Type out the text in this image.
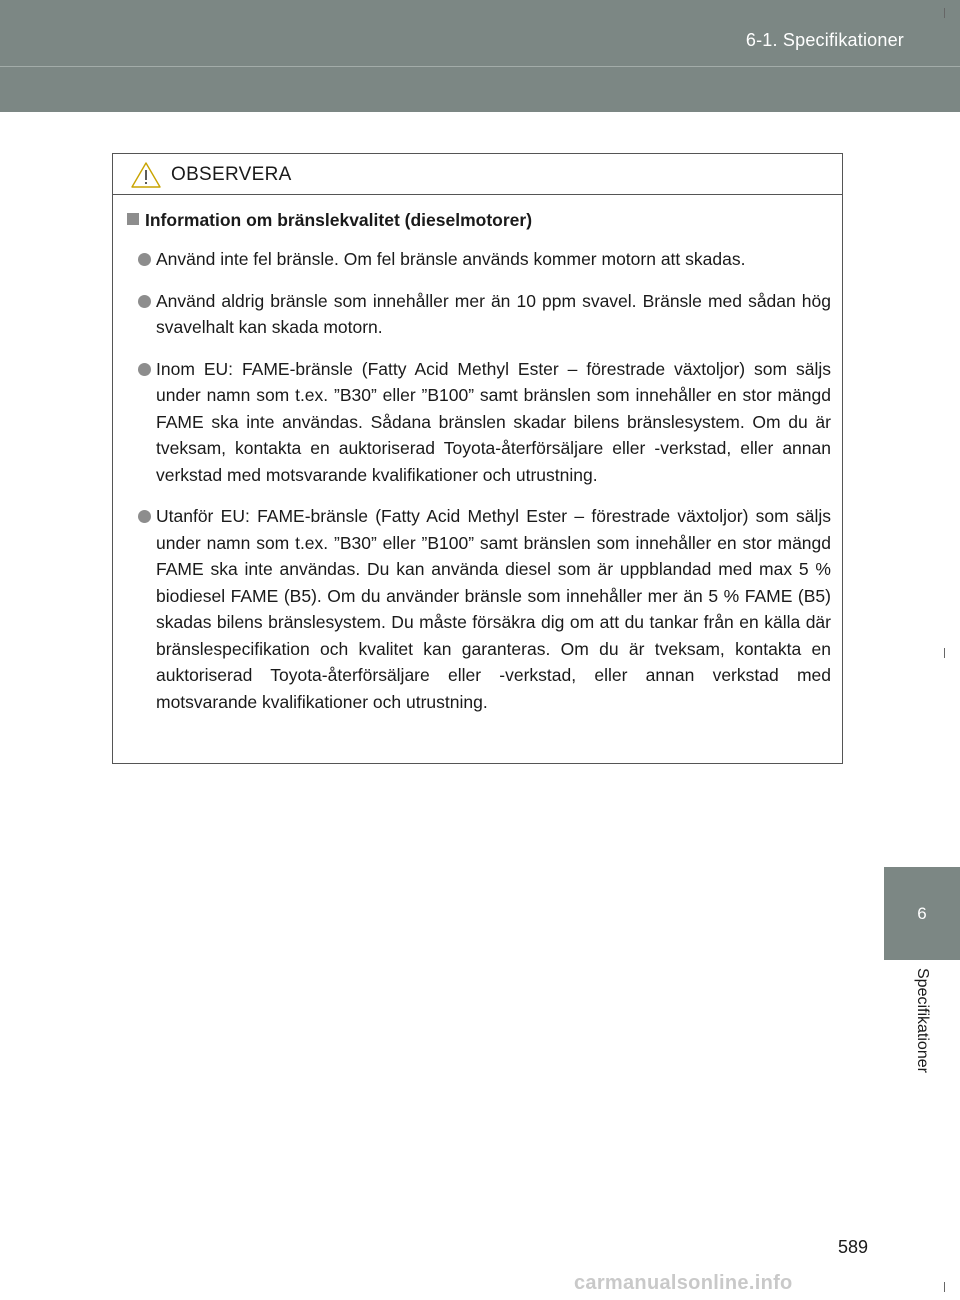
6-1. Specifikationer
6
Specifikationer
OBSERVERA
Information om bränslekvalitet (dieselmotorer)
Använd inte fel bränsle. Om fel bränsle används kommer motorn att skadas.
Använd aldrig bränsle som innehåller mer än 10 ppm svavel. Bränsle med sådan hög svavelhalt kan skada motorn.
Inom EU: FAME-bränsle (Fatty Acid Methyl Ester – förestrade växtoljor) som säljs under namn som t.ex. ”B30” eller ”B100” samt bränslen som innehåller en stor mängd FAME ska inte användas. Sådana bränslen skadar bilens bränslesystem. Om du är tveksam, kontakta en auktoriserad Toyota-återförsäljare eller -verkstad, eller annan verkstad med motsvarande kvalifikationer och utrustning.
Utanför EU: FAME-bränsle (Fatty Acid Methyl Ester – förestrade växtoljor) som säljs under namn som t.ex. ”B30” eller ”B100” samt bränslen som innehåller en stor mängd FAME ska inte användas. Du kan använda diesel som är uppblandad med max 5 % biodiesel FAME (B5). Om du använder bränsle som innehåller mer än 5 % FAME (B5) skadas bilens bränslesystem. Du måste försäkra dig om att du tankar från en källa där bränslespecifikation och kvalitet kan garanteras. Om du är tveksam, kontakta en auktoriserad Toyota-återförsäljare eller -verkstad, eller annan verkstad med motsvarande kvalifikationer och utrustning.
589
carmanualsonline.info
